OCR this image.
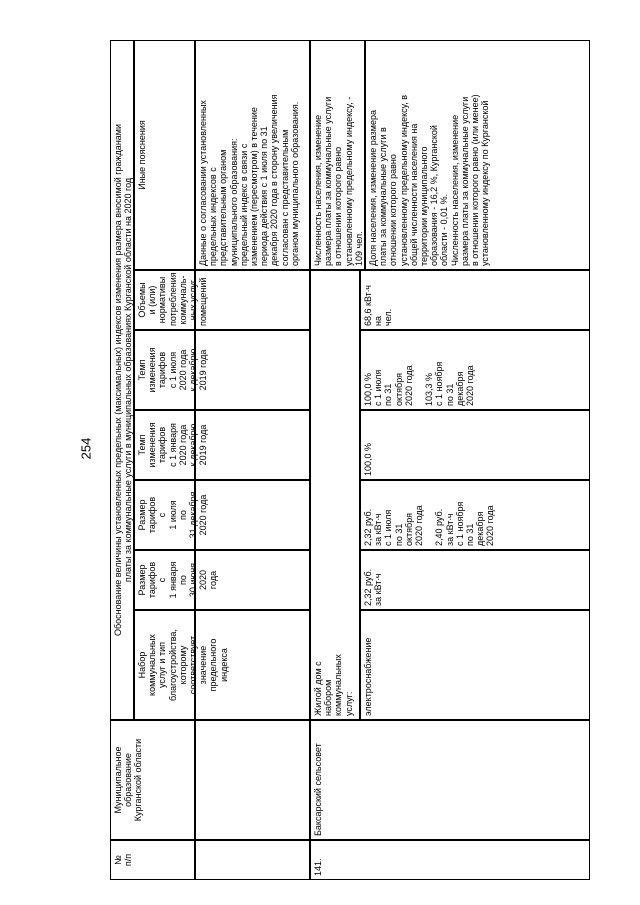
254
№
п/п
Муниципальное
образование
Курганской области
Обоснование величины установленных предельных (максимальных) индексов изменения размера вносимой гражданами
платы за коммунальные услуги в муниципальных образованиях Курганской области на 2020 год
Набор
коммунальных
услуг и тип
благоустройства,
которому
соответствует
значение
предельного
индекса
Размер
тарифов
с
1 января
по
30 июня
2020
года
Размер
тарифов
с
1 июля
по
31 декабря
2020 года
Темп
изменения
тарифов
с 1 января
2020 года
к декабрю
2019 года
Темп
изменения
тарифов
с 1 июля
2020 года
к декабрю
2019 года
Объемы
и (или)
нормативы
потребления
коммуналь-
ных услуг
Иные пояснения
помещений
Данные о согласовании установленных
предельных индексов с
представительным органом
муниципального образования:
предельный индекс в связи с
изменением (пересмотром) в течение
периода действия с 1 июля по 31
декабря 2020 года в сторону увеличения
согласован с представительным
органом муниципального образования.
141.
Баксарский сельсовет
Жилой дом с
набором
коммунальных
услуг:
Численность населения, изменение
размера платы за коммунальные услуги
в отношении которого равно
установленному предельному индексу, -
109 чел.
электроснабжение
2,32 руб.
за кВт∙ч
2,32 руб.
за кВт∙ч
с 1 июля
по 31
октября
2020 года

2,40 руб.
за кВт∙ч
с 1 ноября
по 31
декабря
2020 года
100,0 %
100,0 %
с 1 июля
по 31
октября
2020 года

103,3 %
с 1 ноября
по 31
декабря
2020 года
68,6 кВт∙ч на
чел.
Доля населения, изменение размера
платы за коммунальные услуги в
отношении которого равно
установленному предельному индексу, в
общей численности населения на
территории муниципального
образования - 16,2 %, Курганской
области - 0,01 %.
Численность населения, изменение
размера платы за коммунальные услуги
в отношении которого равно (или менее)
установленному индексу по Курганской
